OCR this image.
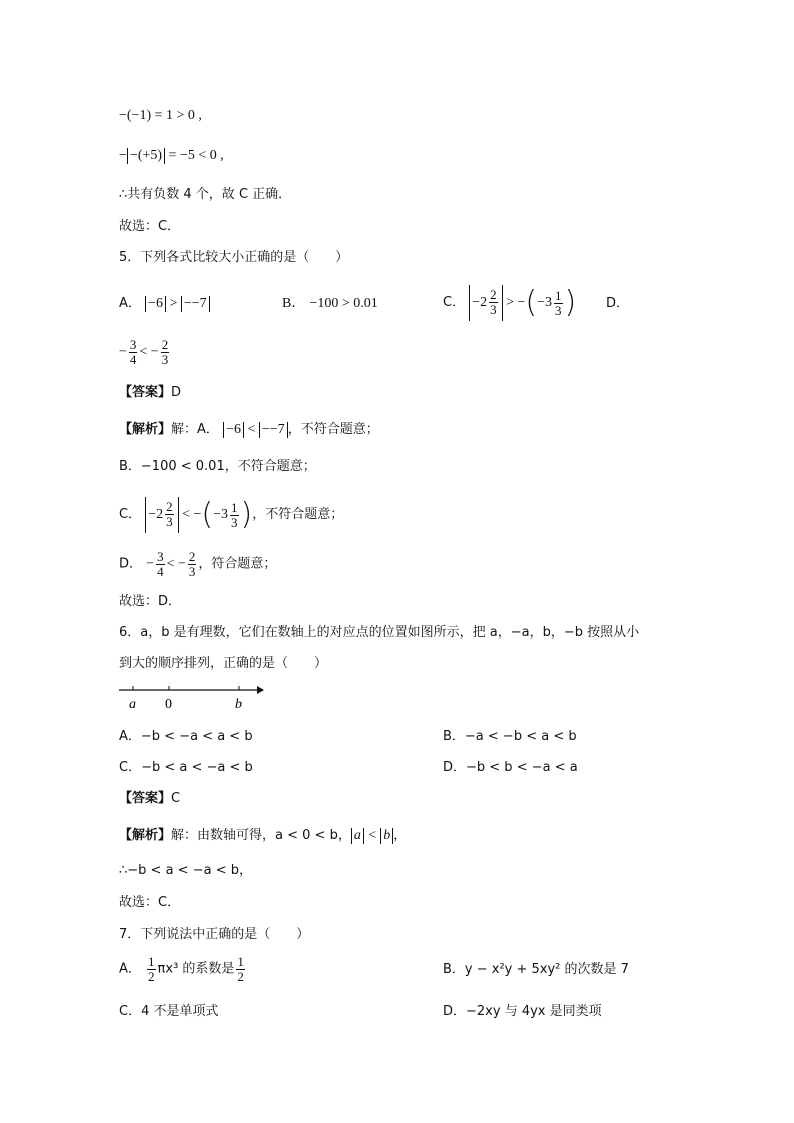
−(−1) = 1 > 0 ,
− −(+5) = −5 < 0 ,
∴共有负数 4 个，故 C 正确．
故选：C．
5．下列各式比较大小正确的是（　　）
A． −6 > −−7	B． −100 > 0.01	C． $-2 \frac{2}{3} > -(-3 \frac{1}{3}$ ) D．
− $\frac{3}{4}$ < − $\frac{2}{3}$
【答案】D
【解析】解：A． −6 < −−7 ，不符合题意；
B．−100 < 0.01，不符合题意；
C． $-2 \frac{2}{3} < -(-3 \frac{1}{3}$ )，不符合题意；
D． − $\frac{3}{4}$ < − $\frac{2}{3}$ ，符合题意；
故选：D．
6．a，b 是有理数，它们在数轴上的对应点的位置如图所示，把 a，−a，b，−b 按照从小
到大的顺序排列，正确的是（　　）
a 0	b
A．−b < −a < a < b	B．−a < −b < a < b
C．−b < a < −a < b	D．−b < b < −a < a
【答案】C
【解析】解：由数轴可得，a < 0 < b， a < b ，
∴−b < a < −a < b，
故选：C．
7．下列说法中正确的是（　　）
A． $\frac{1}{2} \pi x^3$ 的系数是 $\frac{1}{2}$	B．y − x²y + 5xy² 的次数是 7
C．4 不是单项式	D．−2xy 与 4yx 是同类项
